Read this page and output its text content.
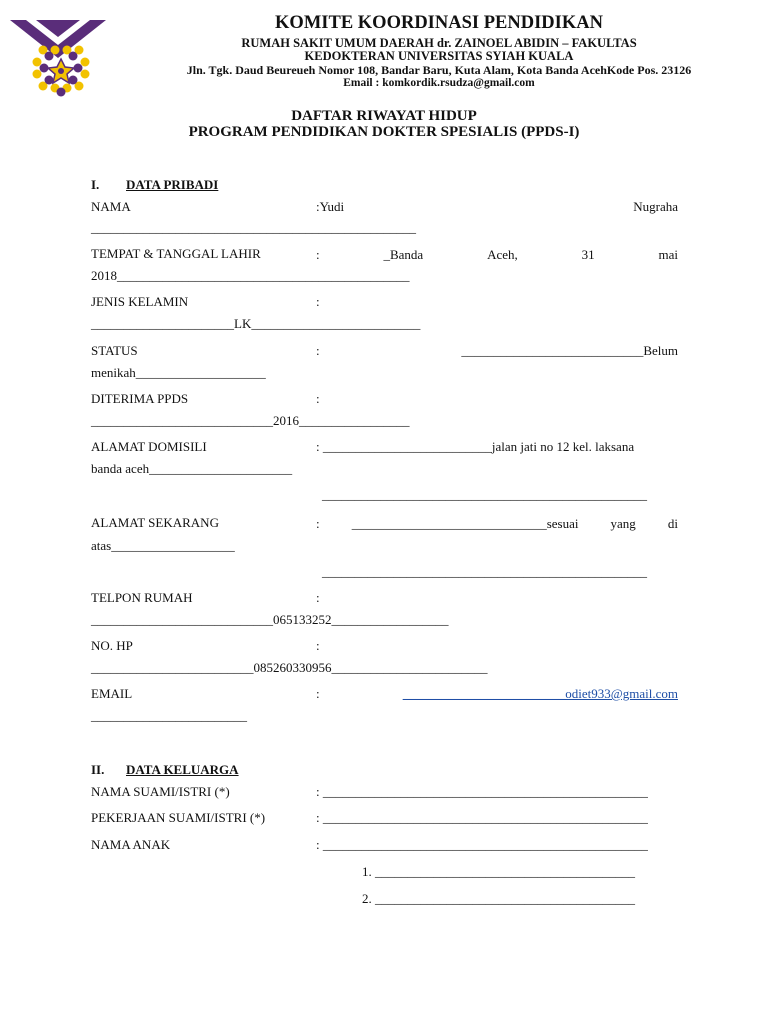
KOMITE KOORDINASI PENDIDIKAN
RUMAH SAKIT UMUM DAERAH dr. ZAINOEL ABIDIN – FAKULTAS
KEDOKTERAN UNIVERSITAS SYIAH KUALA
Jln. Tgk. Daud Beureueh Nomor 108, Bandar Baru, Kuta Alam, Kota Banda AcehKode Pos. 23126
Email : komkordik.rsudza@gmail.com
DAFTAR RIWAYAT HIDUP
PROGRAM PENDIDIKAN DOKTER SPESIALIS (PPDS-I)
I. DATA PRIBADI
NAMA	:Yudi	Nugraha
__________________________________________________
TEMPAT & TANGGAL LAHIR	:	_Banda	Aceh,	31	mai
2018_____________________________________________
JENIS KELAMIN	:
______________________LK__________________________
STATUS	:	____________________________Belum
menikah____________________
DITERIMA PPDS	:
____________________________2016_________________
ALAMAT DOMISILI	: __________________________jalan jati no 12 kel. laksana
banda aceh______________________
__________________________________________________
ALAMAT SEKARANG	: ______________________________sesuai yang di
atas___________________
__________________________________________________
TELPON RUMAH	:
____________________________065133252__________________
NO. HP	:
_________________________085260330956________________________
EMAIL	:	_________________________odiet933@gmail.com
________________________
II. DATA KELUARGA
NAMA SUAMI/ISTRI (*)	: __________________________________________________
PEKERJAAN SUAMI/ISTRI (*)	: __________________________________________________
NAMA ANAK	: __________________________________________________
1. ________________________________________
2. ________________________________________
